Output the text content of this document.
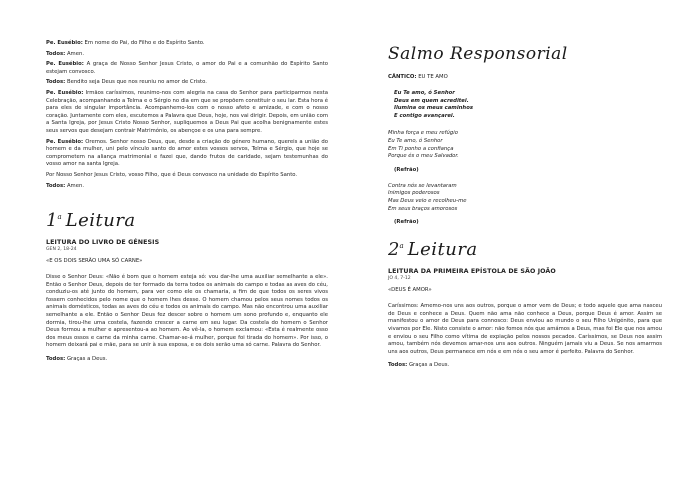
Pe. Eusébio: Em nome do Pai, do Filho e do Espírito Santo.

Todos: Amen.

Pe. Eusébio: A graça de Nosso Senhor Jesus Cristo, o amor do Pai e a comunhão do Espírito Santo estejam convosco.

Todos: Bendito seja Deus que nos reuniu no amor de Cristo.

Pe. Eusébio: Irmãos caríssimos, reunimo-nos com alegria na casa do Senhor para participarmos nesta Celebração, acompanhando a Telma e o Sérgio no dia em que se propõem constituir o seu lar. Esta hora é para eles de singular importância. Acompanhemo-los com o nosso afeto e amizade, e com o nosso coração. Juntamente com eles, escutemos a Palavra que Deus, hoje, nos vai dirigir. Depois, em união com a Santa Igreja, por Jesus Cristo Nosso Senhor, supliquemos a Deus Pai que acolha benignamente estes seus servos que desejam contrair Matrimónio, os abençoe e os una para sempre.

Pe. Eusébio: Oremos. Senhor nosso Deus, que, desde a criação do género humano, quereis a união do homem e da mulher, uni pelo vínculo santo do amor estes vossos servos, Telma e Sérgio, que hoje se comprometem na aliança matrimonial e fazei que, dando frutos de caridade, sejam testemunhas do vosso amor na santa Igreja.

Por Nosso Senhor Jesus Cristo, vosso Filho, que é Deus convosco na unidade do Espírito Santo.

Todos: Amen.

1$^a$ Leitura
LEITURA DO LIVRO DE GÉNESIS
GEN 2, 18-24
«E OS DOIS SERÃO UMA SÓ CARNE»

Disse o Senhor Deus: «Não é bom que o homem esteja só: vou dar-lhe uma auxiliar semelhante a ele». Então o Senhor Deus, depois de ter formado da terra todos os animais do campo e todas as aves do céu, conduziu-os até junto do homem, para ver como ele os chamaria, a fim de que todos os seres vivos fossem conhecidos pelo nome que o homem lhes desse. O homem chamou pelos seus nomes todos os animais domésticos, todas as aves do céu e todos os animais do campo. Mas não encontrou uma auxiliar semelhante a ele. Então o Senhor Deus fez descer sobre o homem um sono profundo e, enquanto ele dormia, tirou-lhe uma costela, fazendo crescer a carne em seu lugar. Da costela do homem o Senhor Deus formou a mulher e apresentou-a ao homem. Ao vê-la, o homem exclamou: «Esta é realmente osso dos meus ossos e carne da minha carne. Chamar-se-á mulher, porque foi tirada do homem». Por isso, o homem deixará pai e mãe, para se unir à sua esposa, e os dois serão uma só carne. Palavra do Senhor.

Todos: Graças a Deus.

Salmo Responsorial
CÂNTICO: EU TE AMO

Eu Te amo, ó Senhor

Deus em quem acreditei.

Ilumina os meus caminhos

E contigo avançarei.

Minha força e meu refúgio

Eu Te amo, ó Senhor

Em Ti ponho a confiança

Porque és o meu Salvador.

(Refrão)

Contra nós se levantaram

Inimigos poderosos

Mas Deus veio e recolheu-me

Em seus braços amorosos

(Refrão)
2$^a$ Leitura
LEITURA DA PRIMEIRA EPÍSTOLA DE SÃO JOÃO
JO 4, 7-12
«DEUS É AMOR»

Caríssimos: Amemo-nos uns aos outros, porque o amor vem de Deus; e todo aquele que ama nasceu de Deus e conhece a Deus. Quem não ama não conhece a Deus, porque Deus é amor. Assim se manifestou o amor de Deus para connosco: Deus enviou ao mundo o seu Filho Unigénito, para que vivamos por Ele. Nisto consiste o amor: não fomos nós que amámos a Deus, mas foi Ele que nos amou e enviou o seu Filho como vítima de expiação pelos nossos pecados. Caríssimos, se Deus nos assim amou, também nós devemos amar-nos uns aos outros. Ninguém jamais viu a Deus. Se nos amarmos uns aos outros, Deus permanece em nós e em nós o seu amor é perfeito. Palavra do Senhor.

Todos: Graças a Deus.
